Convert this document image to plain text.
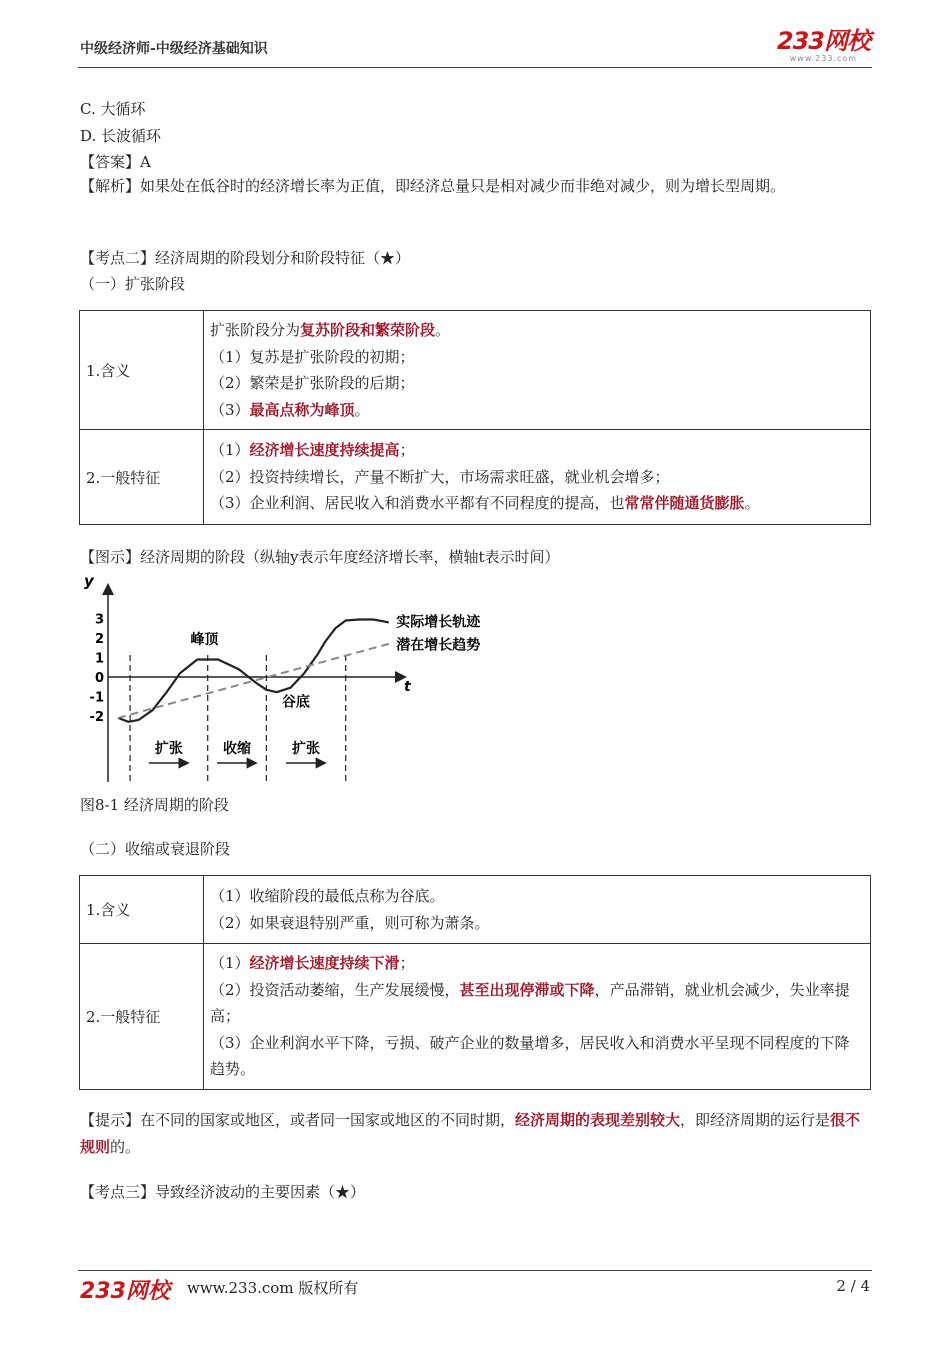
中级经济师-中级经济基础知识	233网校
www.233.com
C. 大循环
D. 长波循环
【答案】A
【解析】如果处在低谷时的经济增长率为正值，即经济总量只是相对减少而非绝对减少，则为增长型周期。
【考点二】经济周期的阶段划分和阶段特征（★）
（一）扩张阶段
1.含义	扩张阶段分为复苏阶段和繁荣阶段。
（1）复苏是扩张阶段的初期；
（2）繁荣是扩张阶段的后期；
（3）最高点称为峰顶。

2.一般特征	（1）经济增长速度持续提高；
（2）投资持续增长，产量不断扩大，市场需求旺盛，就业机会增多；
（3）企业利润、居民收入和消费水平都有不同程度的提高，也常常伴随通货膨胀。
【图示】经济周期的阶段（纵轴y表示年度经济增长率，横轴t表示时间）
y
t
3
2
1
0
-1
-2
实际增长轨迹
潜在增长趋势
峰顶
谷底
扩张	收缩	扩张
图8-1 经济周期的阶段
（二）收缩或衰退阶段
1.含义	（1）收缩阶段的最低点称为谷底。
（2）如果衰退特别严重，则可称为萧条。

2.一般特征	（1）经济增长速度持续下滑；
（2）投资活动萎缩，生产发展缓慢，甚至出现停滞或下降，产品滞销，就业机会减少，失业率提高；
（3）企业利润水平下降，亏损、破产企业的数量增多，居民收入和消费水平呈现不同程度的下降趋势。
【提示】在不同的国家或地区，或者同一国家或地区的不同时期，经济周期的表现差别较大，即经济周期的运行是很不规则的。
【考点三】导致经济波动的主要因素（★）
233网校 www.233.com 版权所有	2 / 4
